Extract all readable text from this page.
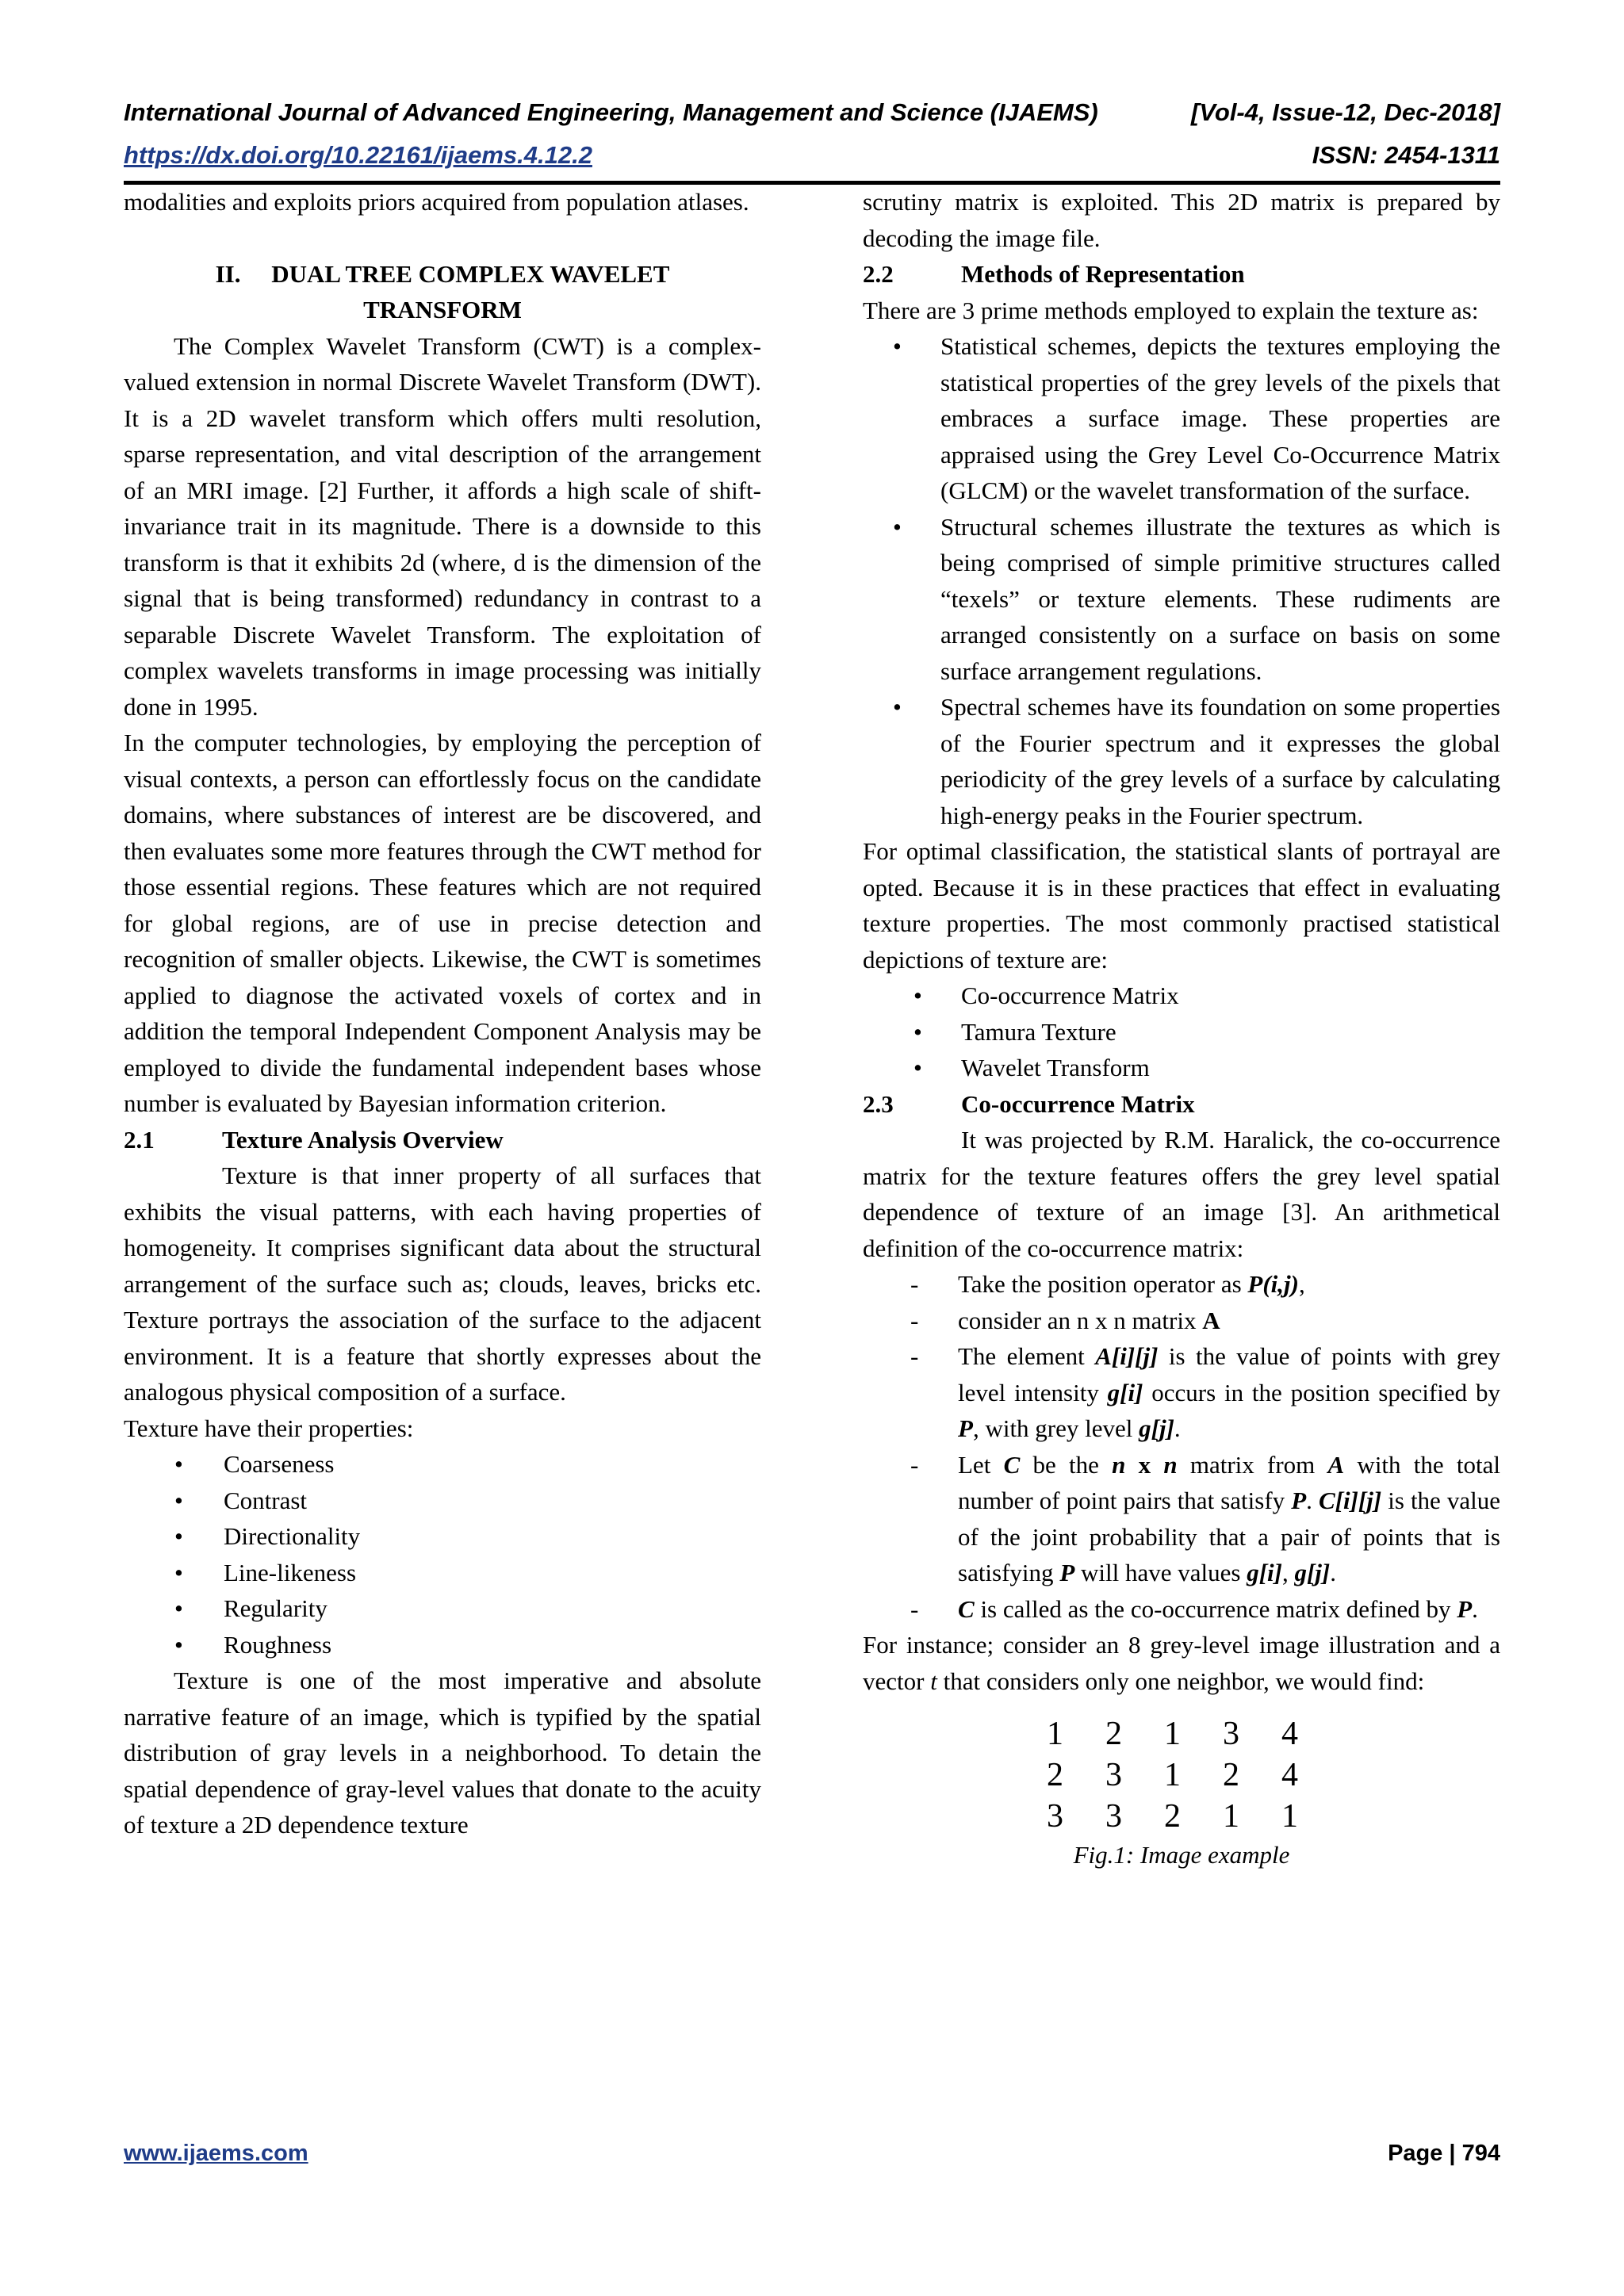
International Journal of Advanced Engineering, Management and Science (IJAEMS)	[Vol-4, Issue-12, Dec-2018]
https://dx.doi.org/10.22161/ijaems.4.12.2	ISSN: 2454-1311

modalities and exploits priors acquired from population atlases.

II. DUAL TREE COMPLEX WAVELET
TRANSFORM

The Complex Wavelet Transform (CWT) is a complex-valued extension in normal Discrete Wavelet Transform (DWT). It is a 2D wavelet transform which offers multi resolution, sparse representation, and vital description of the arrangement of an MRI image. [2] Further, it affords a high scale of shift-invariance trait in its magnitude. There is a downside to this transform is that it exhibits 2d (where, d is the dimension of the signal that is being transformed) redundancy in contrast to a separable Discrete Wavelet Transform. The exploitation of complex wavelets transforms in image processing was initially done in 1995.

In the computer technologies, by employing the perception of visual contexts, a person can effortlessly focus on the candidate domains, where substances of interest are be discovered, and then evaluates some more features through the CWT method for those essential regions. These features which are not required for global regions, are of use in precise detection and recognition of smaller objects. Likewise, the CWT is sometimes applied to diagnose the activated voxels of cortex and in addition the temporal Independent Component Analysis may be employed to divide the fundamental independent bases whose number is evaluated by Bayesian information criterion.

2.1	Texture Analysis Overview

Texture is that inner property of all surfaces that exhibits the visual patterns, with each having properties of homogeneity. It comprises significant data about the structural arrangement of the surface such as; clouds, leaves, bricks etc. Texture portrays the association of the surface to the adjacent environment. It is a feature that shortly expresses about the analogous physical composition of a surface.

Texture have their properties:

• Coarseness
• Contrast
• Directionality
• Line-likeness
• Regularity
• Roughness

Texture is one of the most imperative and absolute narrative feature of an image, which is typified by the spatial distribution of gray levels in a neighborhood. To detain the spatial dependence of gray-level values that donate to the acuity of texture a 2D dependence texture

scrutiny matrix is exploited. This 2D matrix is prepared by decoding the image file.

2.2	Methods of Representation

There are 3 prime methods employed to explain the texture as:

• Statistical schemes, depicts the textures employing the statistical properties of the grey levels of the pixels that embraces a surface image. These properties are appraised using the Grey Level Co-Occurrence Matrix (GLCM) or the wavelet transformation of the surface.
• Structural schemes illustrate the textures as which is being comprised of simple primitive structures called “texels” or texture elements. These rudiments are arranged consistently on a surface on basis on some surface arrangement regulations.
• Spectral schemes have its foundation on some properties of the Fourier spectrum and it expresses the global periodicity of the grey levels of a surface by calculating high-energy peaks in the Fourier spectrum.

For optimal classification, the statistical slants of portrayal are opted. Because it is in these practices that effect in evaluating texture properties. The most commonly practised statistical depictions of texture are:

• Co-occurrence Matrix
• Tamura Texture
• Wavelet Transform
2.3	Co-occurrence Matrix

It was projected by R.M. Haralick, the co-occurrence matrix for the texture features offers the grey level spatial dependence of texture of an image [3]. An arithmetical definition of the co-occurrence matrix:

- Take the position operator as P(i,j),
- consider an n x n matrix A
- The element A[i][j] is the value of points with grey level intensity g[i] occurs in the position specified by P, with grey level g[j].
- Let C be the n x n matrix from A with the total number of point pairs that satisfy P. C[i][j] is the value of the joint probability that a pair of points that is satisfying P will have values g[i], g[j].
- C is called as the co-occurrence matrix defined by P.

For instance; consider an 8 grey-level image illustration and a vector t that considers only one neighbor, we would find:

1	2	1	3	4
2	3	1	2	4
3	3	2	1	1

Fig.1: Image example

www.ijaems.com	Page | 794
